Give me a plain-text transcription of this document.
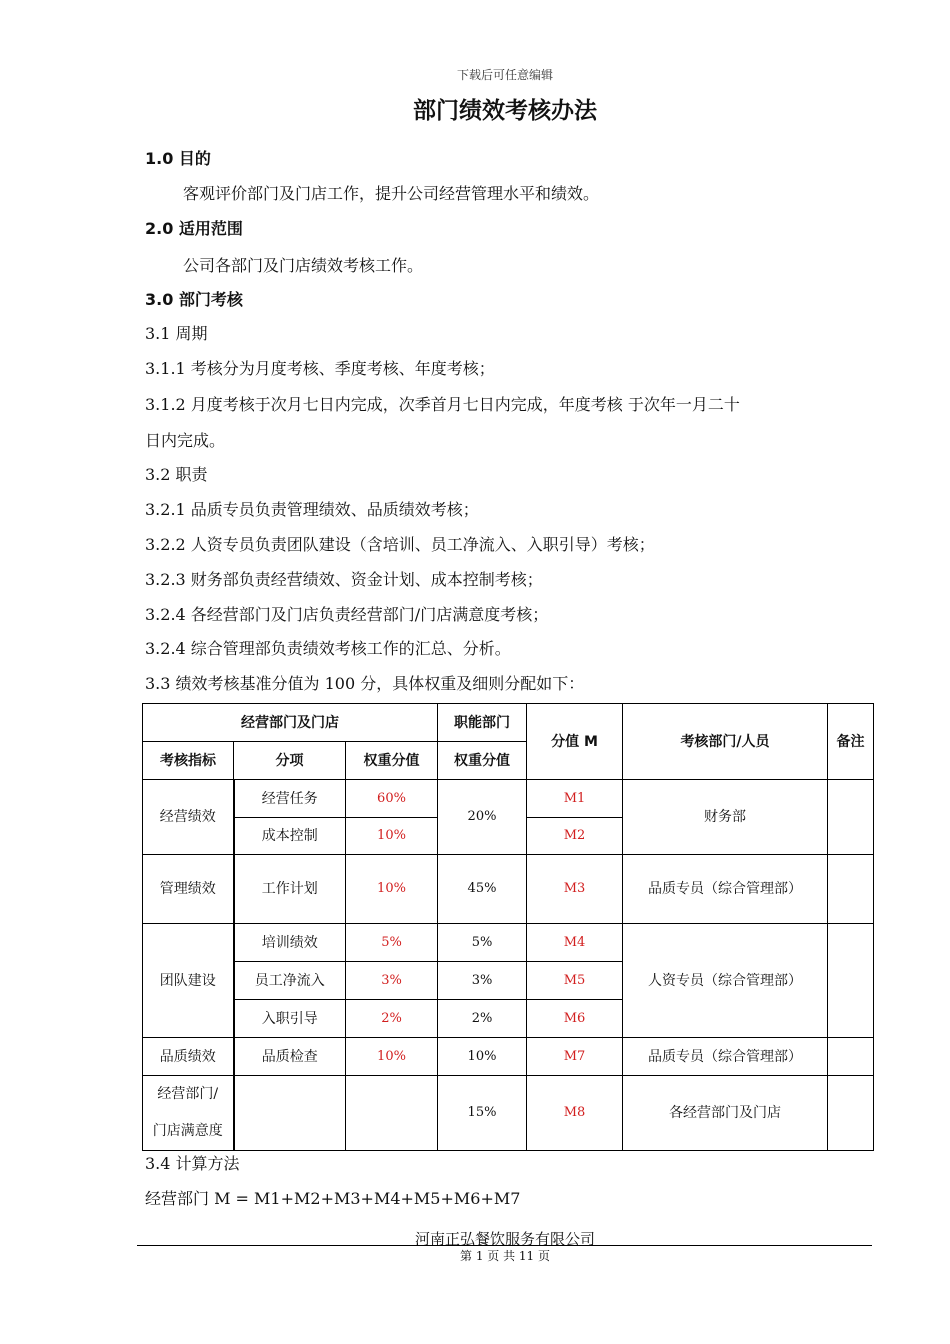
下载后可任意编辑
部门绩效考核办法
1.0 目的
客观评价部门及门店工作，提升公司经营管理水平和绩效。
2.0 适用范围
公司各部门及门店绩效考核工作。
3.0 部门考核
3.1 周期
3.1.1 考核分为月度考核、季度考核、年度考核；
3.1.2 月度考核于次月七日内完成，次季首月七日内完成，年度考核 于次年一月二十
日内完成。
3.2 职责
3.2.1 品质专员负责管理绩效、品质绩效考核；
3.2.2 人资专员负责团队建设（含培训、员工净流入、入职引导）考核；
3.2.3 财务部负责经营绩效、资金计划、成本控制考核；
3.2.4 各经营部门及门店负责经营部门/门店满意度考核；
3.2.4 综合管理部负责绩效考核工作的汇总、分析。
3.3 绩效考核基准分值为 100 分，具体权重及细则分配如下：
经营部门及门店			职能部门	分值 M	考核部门/人员	备注
考核指标	分项	权重分值	权重分值			
经营绩效	经营任务	60%	20%	M1	财务部	
	成本控制	10%		M2		
管理绩效	工作计划	10%	45%	M3	品质专员（综合管理部）	
团队建设	培训绩效	5%	5%	M4	人资专员（综合管理部）	
	员工净流入	3%	3%	M5		
	入职引导	2%	2%	M6		
品质绩效	品质检查	10%	10%	M7	品质专员（综合管理部）	

经营部门/
门店满意度			15%	M8	各经营部门及门店	
3.4 计算方法
经营部门 M = M1+M2+M3+M4+M5+M6+M7
河南正弘餐饮服务有限公司
第 1 页 共 11 页
